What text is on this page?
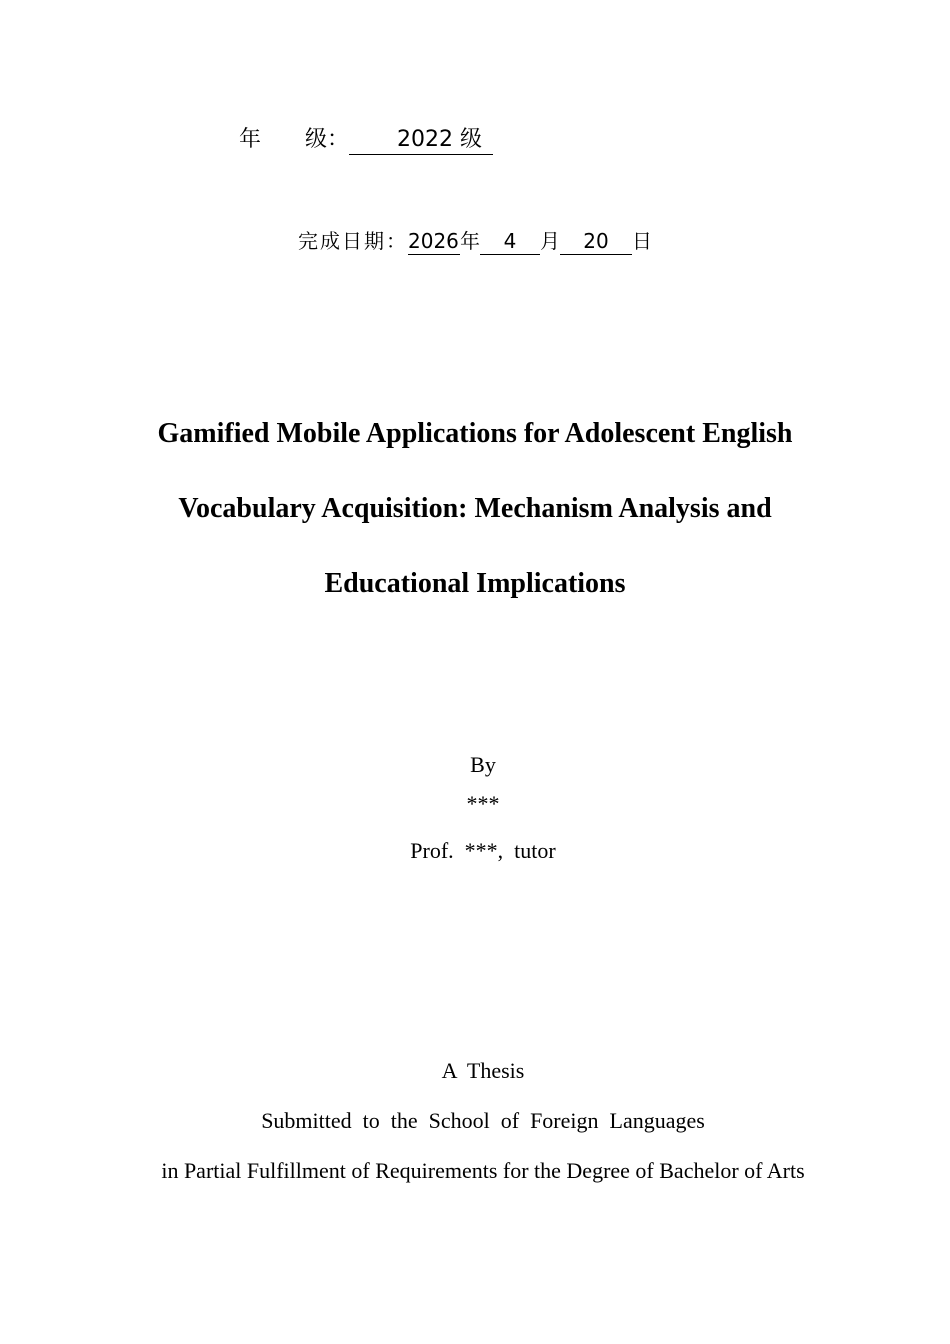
年　　级： 2022 级
完成日期：2026年 4 月 20 日
Gamified Mobile Applications for Adolescent English
Vocabulary Acquisition: Mechanism Analysis and
Educational Implications
By
***
Prof.  ***,  tutor
A  Thesis
Submitted  to  the  School  of  Foreign  Languages
in Partial Fulfillment of Requirements for the Degree of Bachelor of Arts
